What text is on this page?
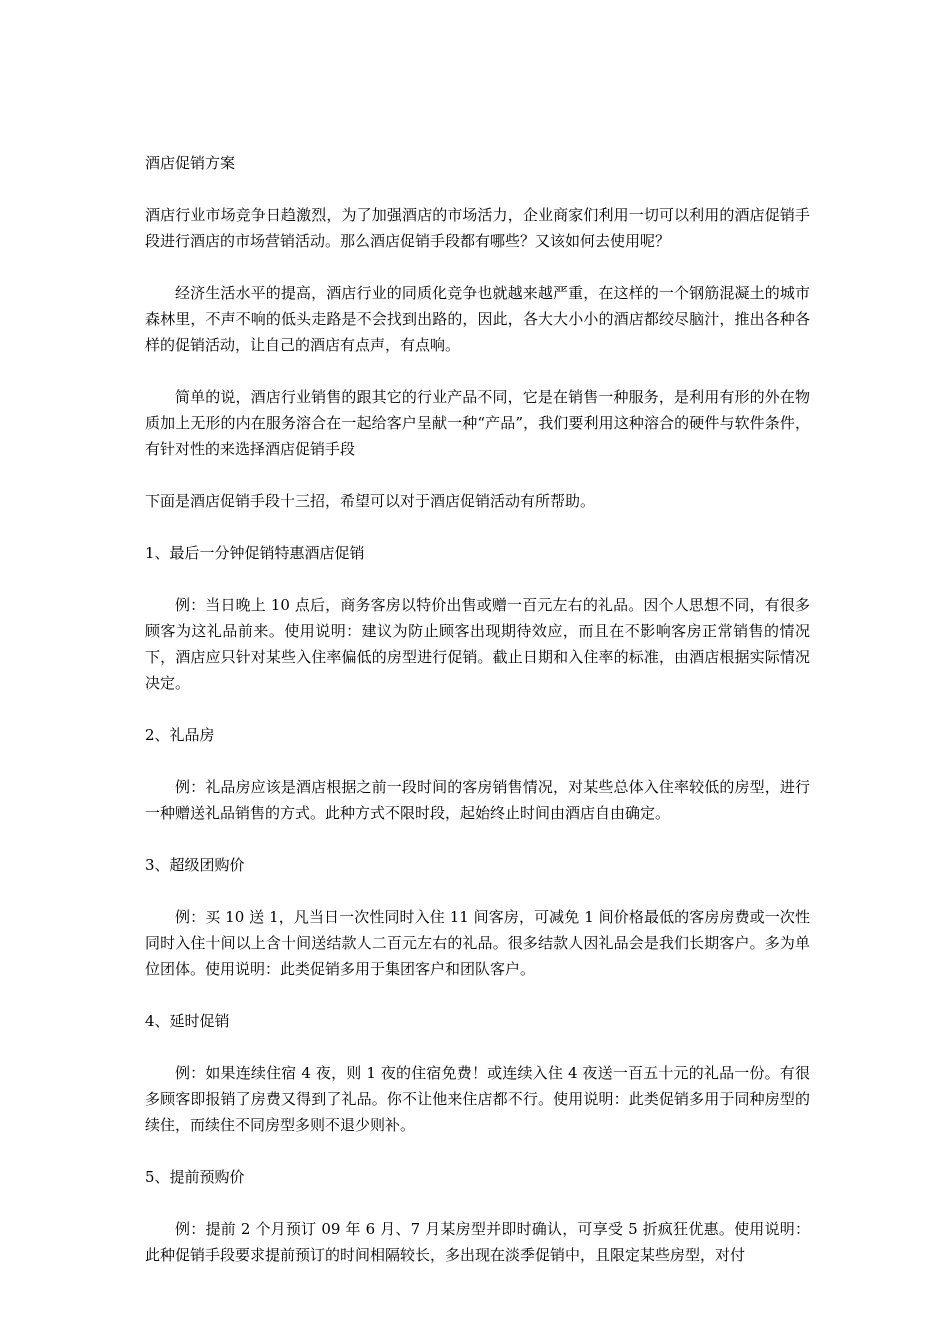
酒店促销方案

酒店行业市场竞争日趋激烈，为了加强酒店的市场活力，企业商家们利用一切可以利用的酒店促销手段进行酒店的市场营销活动。那么酒店促销手段都有哪些？又该如何去使用呢？

经济生活水平的提高，酒店行业的同质化竞争也就越来越严重，在这样的一个钢筋混凝土的城市森林里，不声不响的低头走路是不会找到出路的，因此，各大大小小的酒店都绞尽脑汁，推出各种各样的促销活动，让自己的酒店有点声，有点响。

简单的说，酒店行业销售的跟其它的行业产品不同，它是在销售一种服务，是利用有形的外在物质加上无形的内在服务溶合在一起给客户呈献一种“产品”，我们要利用这种溶合的硬件与软件条件，有针对性的来选择酒店促销手段

下面是酒店促销手段十三招，希望可以对于酒店促销活动有所帮助。

1、最后一分钟促销特惠酒店促销

例：当日晚上 10 点后，商务客房以特价出售或赠一百元左右的礼品。因个人思想不同，有很多顾客为这礼品前来。使用说明：建议为防止顾客出现期待效应，而且在不影响客房正常销售的情况下，酒店应只针对某些入住率偏低的房型进行促销。截止日期和入住率的标准，由酒店根据实际情况决定。

2、礼品房

例：礼品房应该是酒店根据之前一段时间的客房销售情况，对某些总体入住率较低的房型，进行一种赠送礼品销售的方式。此种方式不限时段，起始终止时间由酒店自由确定。

3、超级团购价

例：买 10 送 1，凡当日一次性同时入住 11 间客房，可减免 1 间价格最低的客房房费或一次性同时入住十间以上含十间送结款人二百元左右的礼品。很多结款人因礼品会是我们长期客户。多为单位团体。使用说明：此类促销多用于集团客户和团队客户。

4、延时促销

例：如果连续住宿 4 夜，则 1 夜的住宿免费！或连续入住 4 夜送一百五十元的礼品一份。有很多顾客即报销了房费又得到了礼品。你不让他来住店都不行。使用说明：此类促销多用于同种房型的续住，而续住不同房型多则不退少则补。

5、提前预购价

例：提前 2 个月预订 09 年 6 月、7 月某房型并即时确认，可享受 5 折疯狂优惠。使用说明：此种促销手段要求提前预订的时间相隔较长，多出现在淡季促销中，且限定某些房型，对付
